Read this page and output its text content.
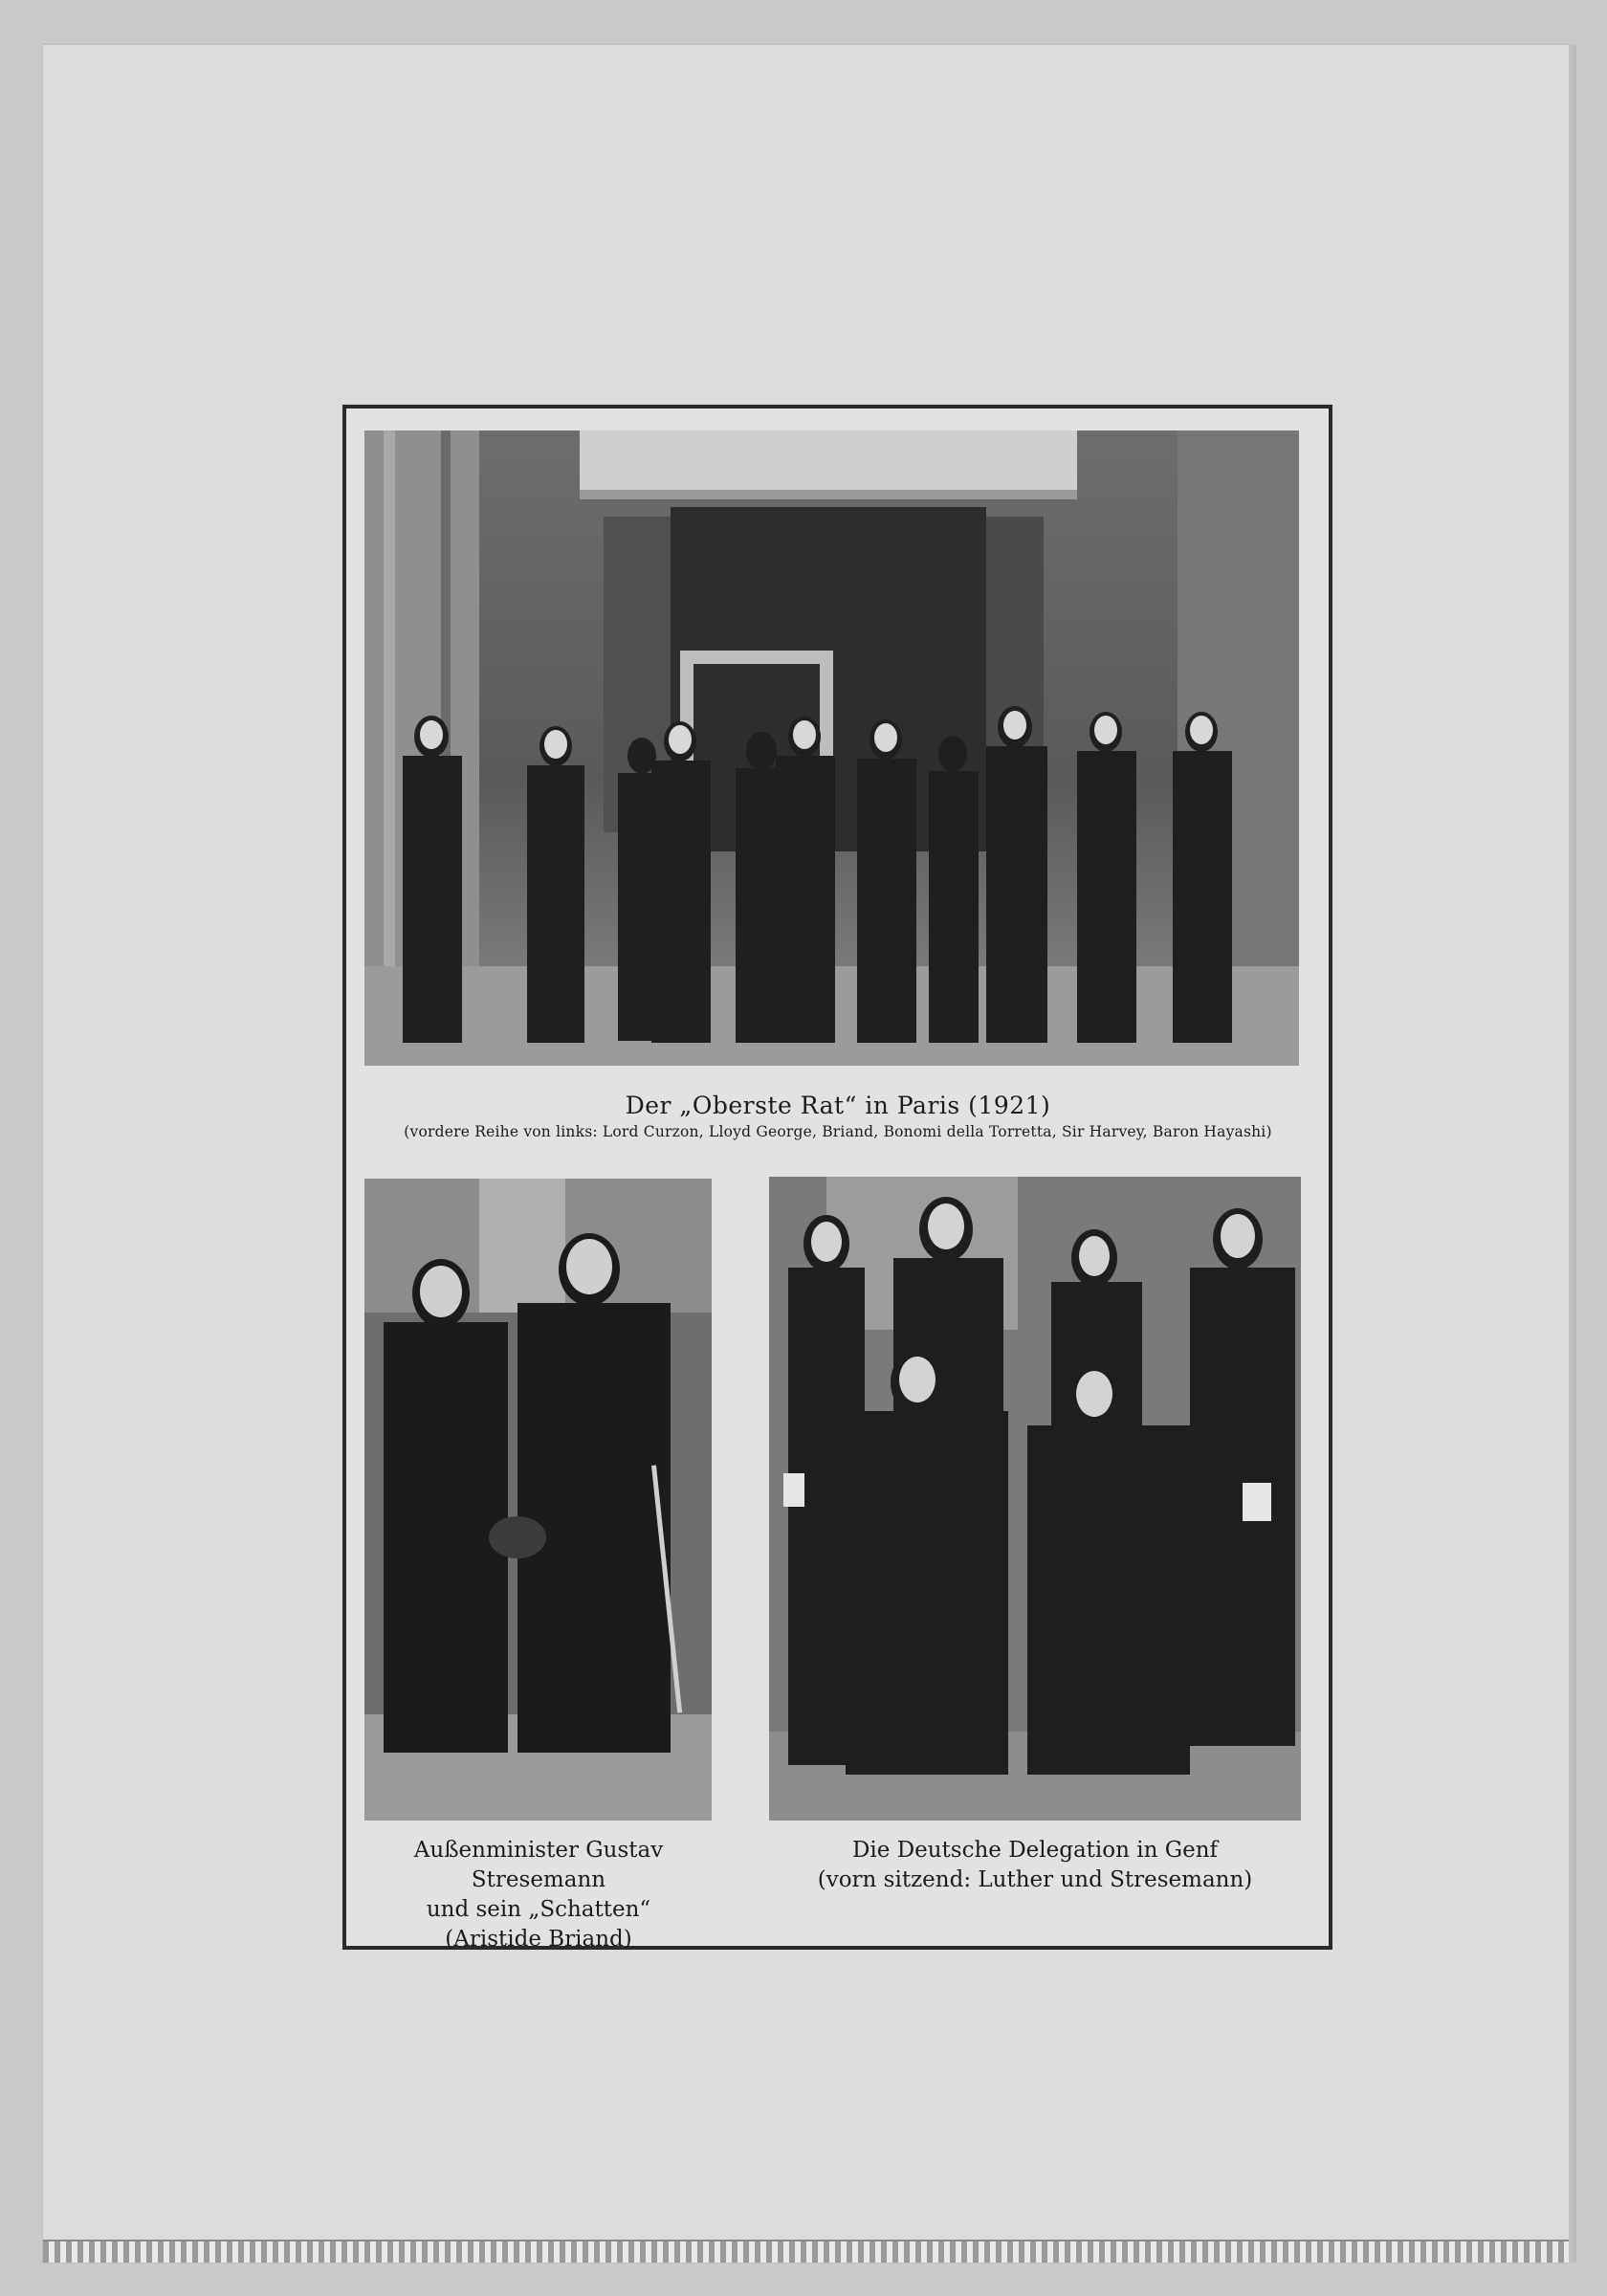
Der „Oberste Rat“ in Paris (1921)
(vordere Reihe von links: Lord Curzon, Lloyd George, Briand, Bonomi della Torretta, Sir Harvey, Baron Hayashi)
Außenminister Gustav Stresemann
und sein „Schatten“
(Aristide Briand)
Die Deutsche Delegation in Genf
(vorn sitzend: Luther und Stresemann)
